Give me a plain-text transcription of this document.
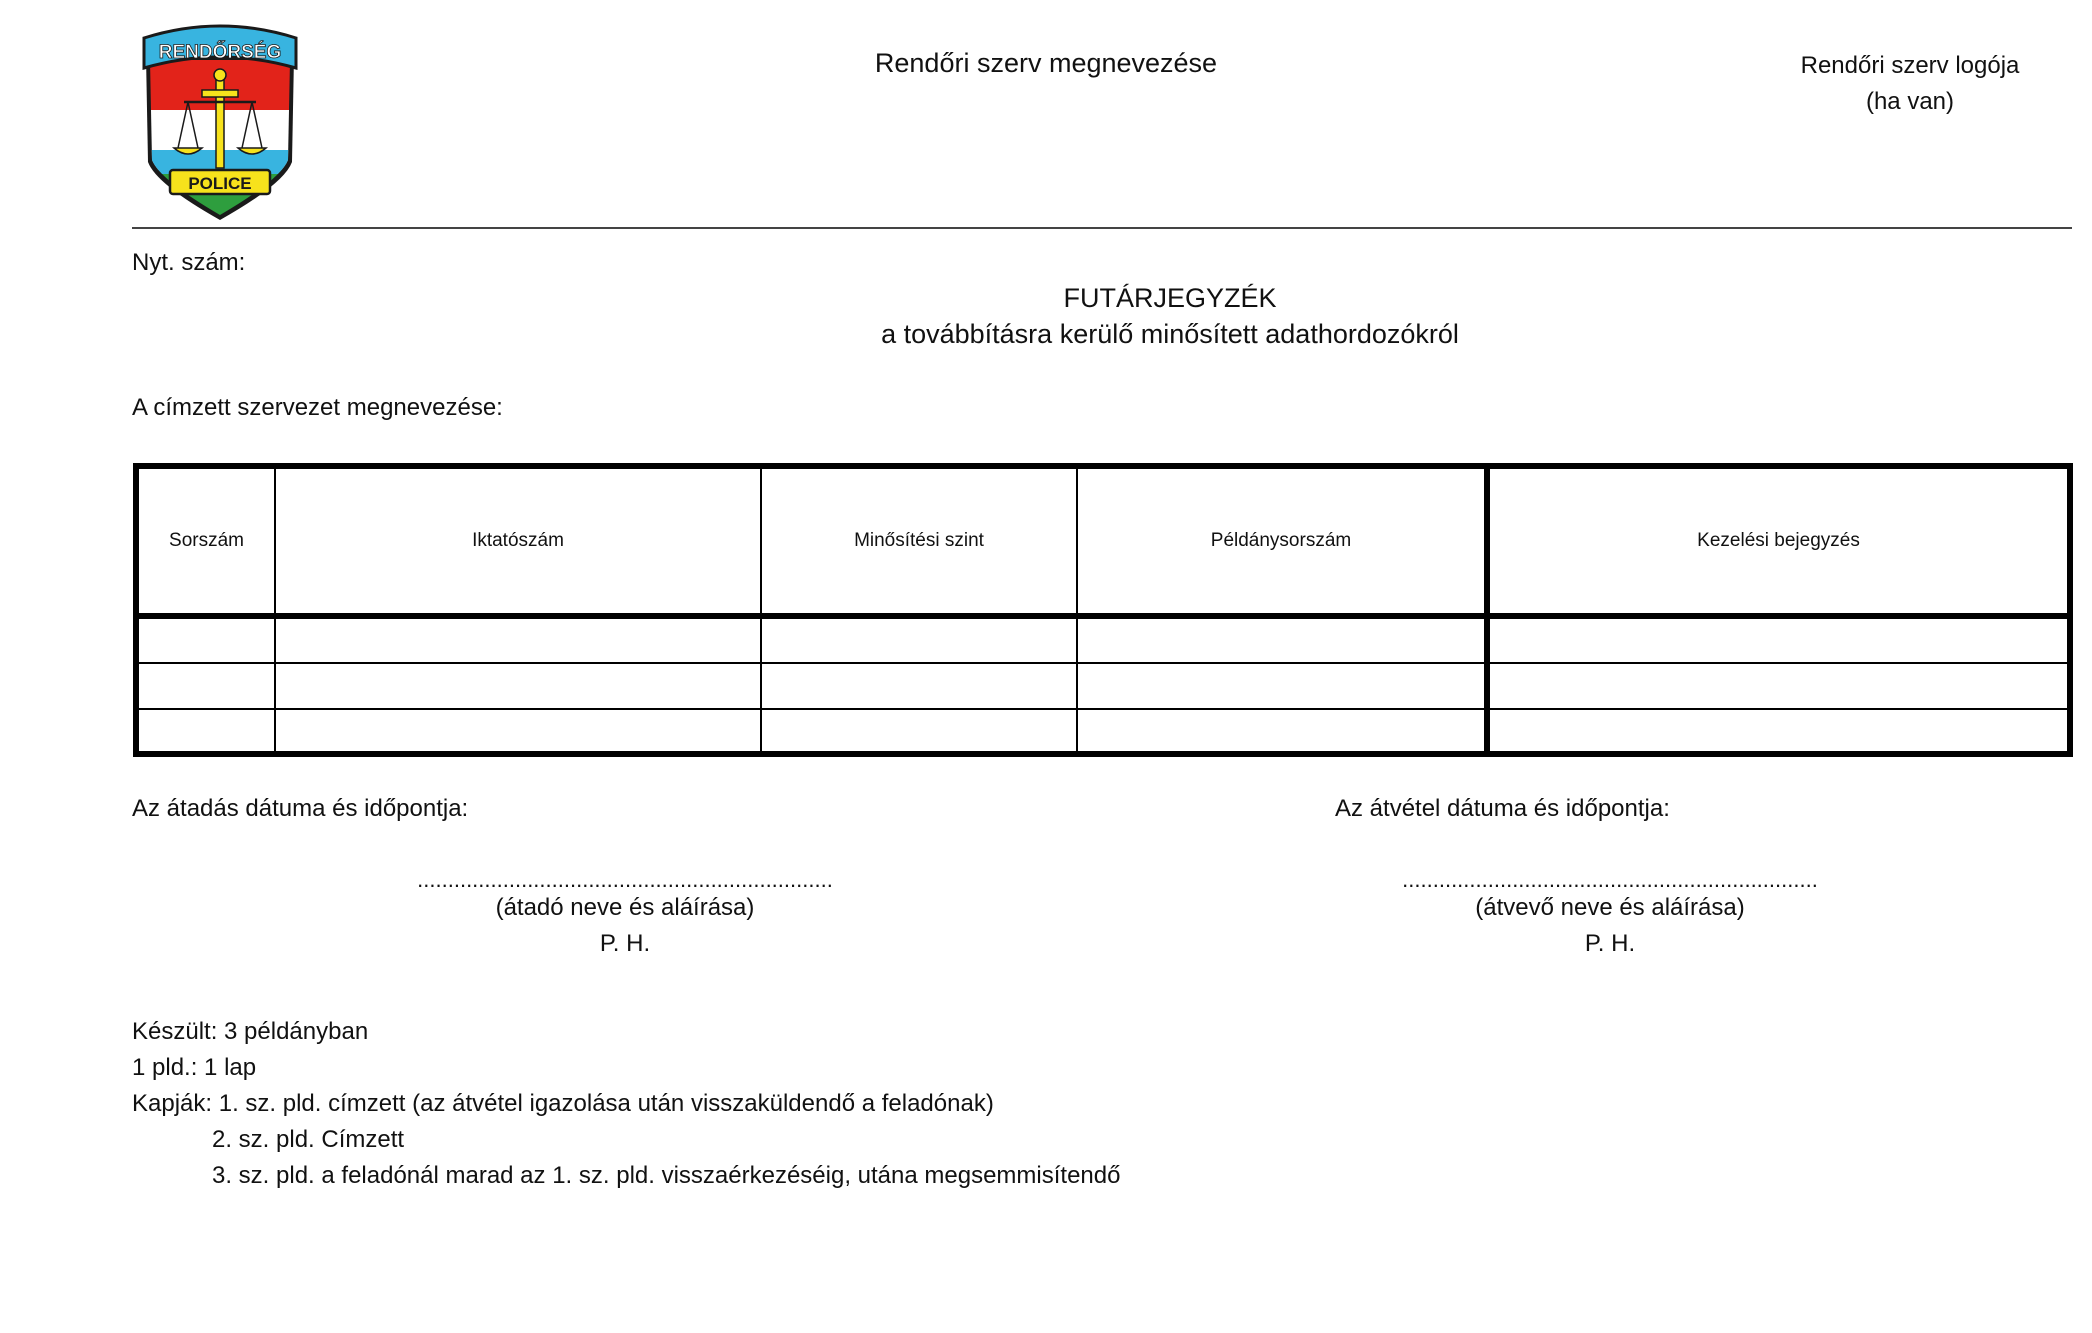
RENDŐRSÉG
POLICE
Rendőri szerv megnevezése	Rendőri szerv logója
(ha van)
Nyt. szám:
FUTÁRJEGYZÉK
a továbbításra kerülő minősített adathordozókról
A címzett szervezet megnevezése:
Sorszám	Iktatószám	Minősítési szint	Példánysorszám	Kezelési bejegyzés
Az átadás dátuma és időpontja:	Az átvétel dátuma és időpontja:
....................................................................
(átadó neve és aláírása)
P. H.
....................................................................
(átvevő neve és aláírása)
P. H.
Készült: 3 példányban
1 pld.: 1 lap
Kapják: 1. sz. pld. címzett (az átvétel igazolása után visszaküldendő a feladónak)
2. sz. pld. Címzett
3. sz. pld. a feladónál marad az 1. sz. pld. visszaérkezéséig, utána megsemmisítendő
